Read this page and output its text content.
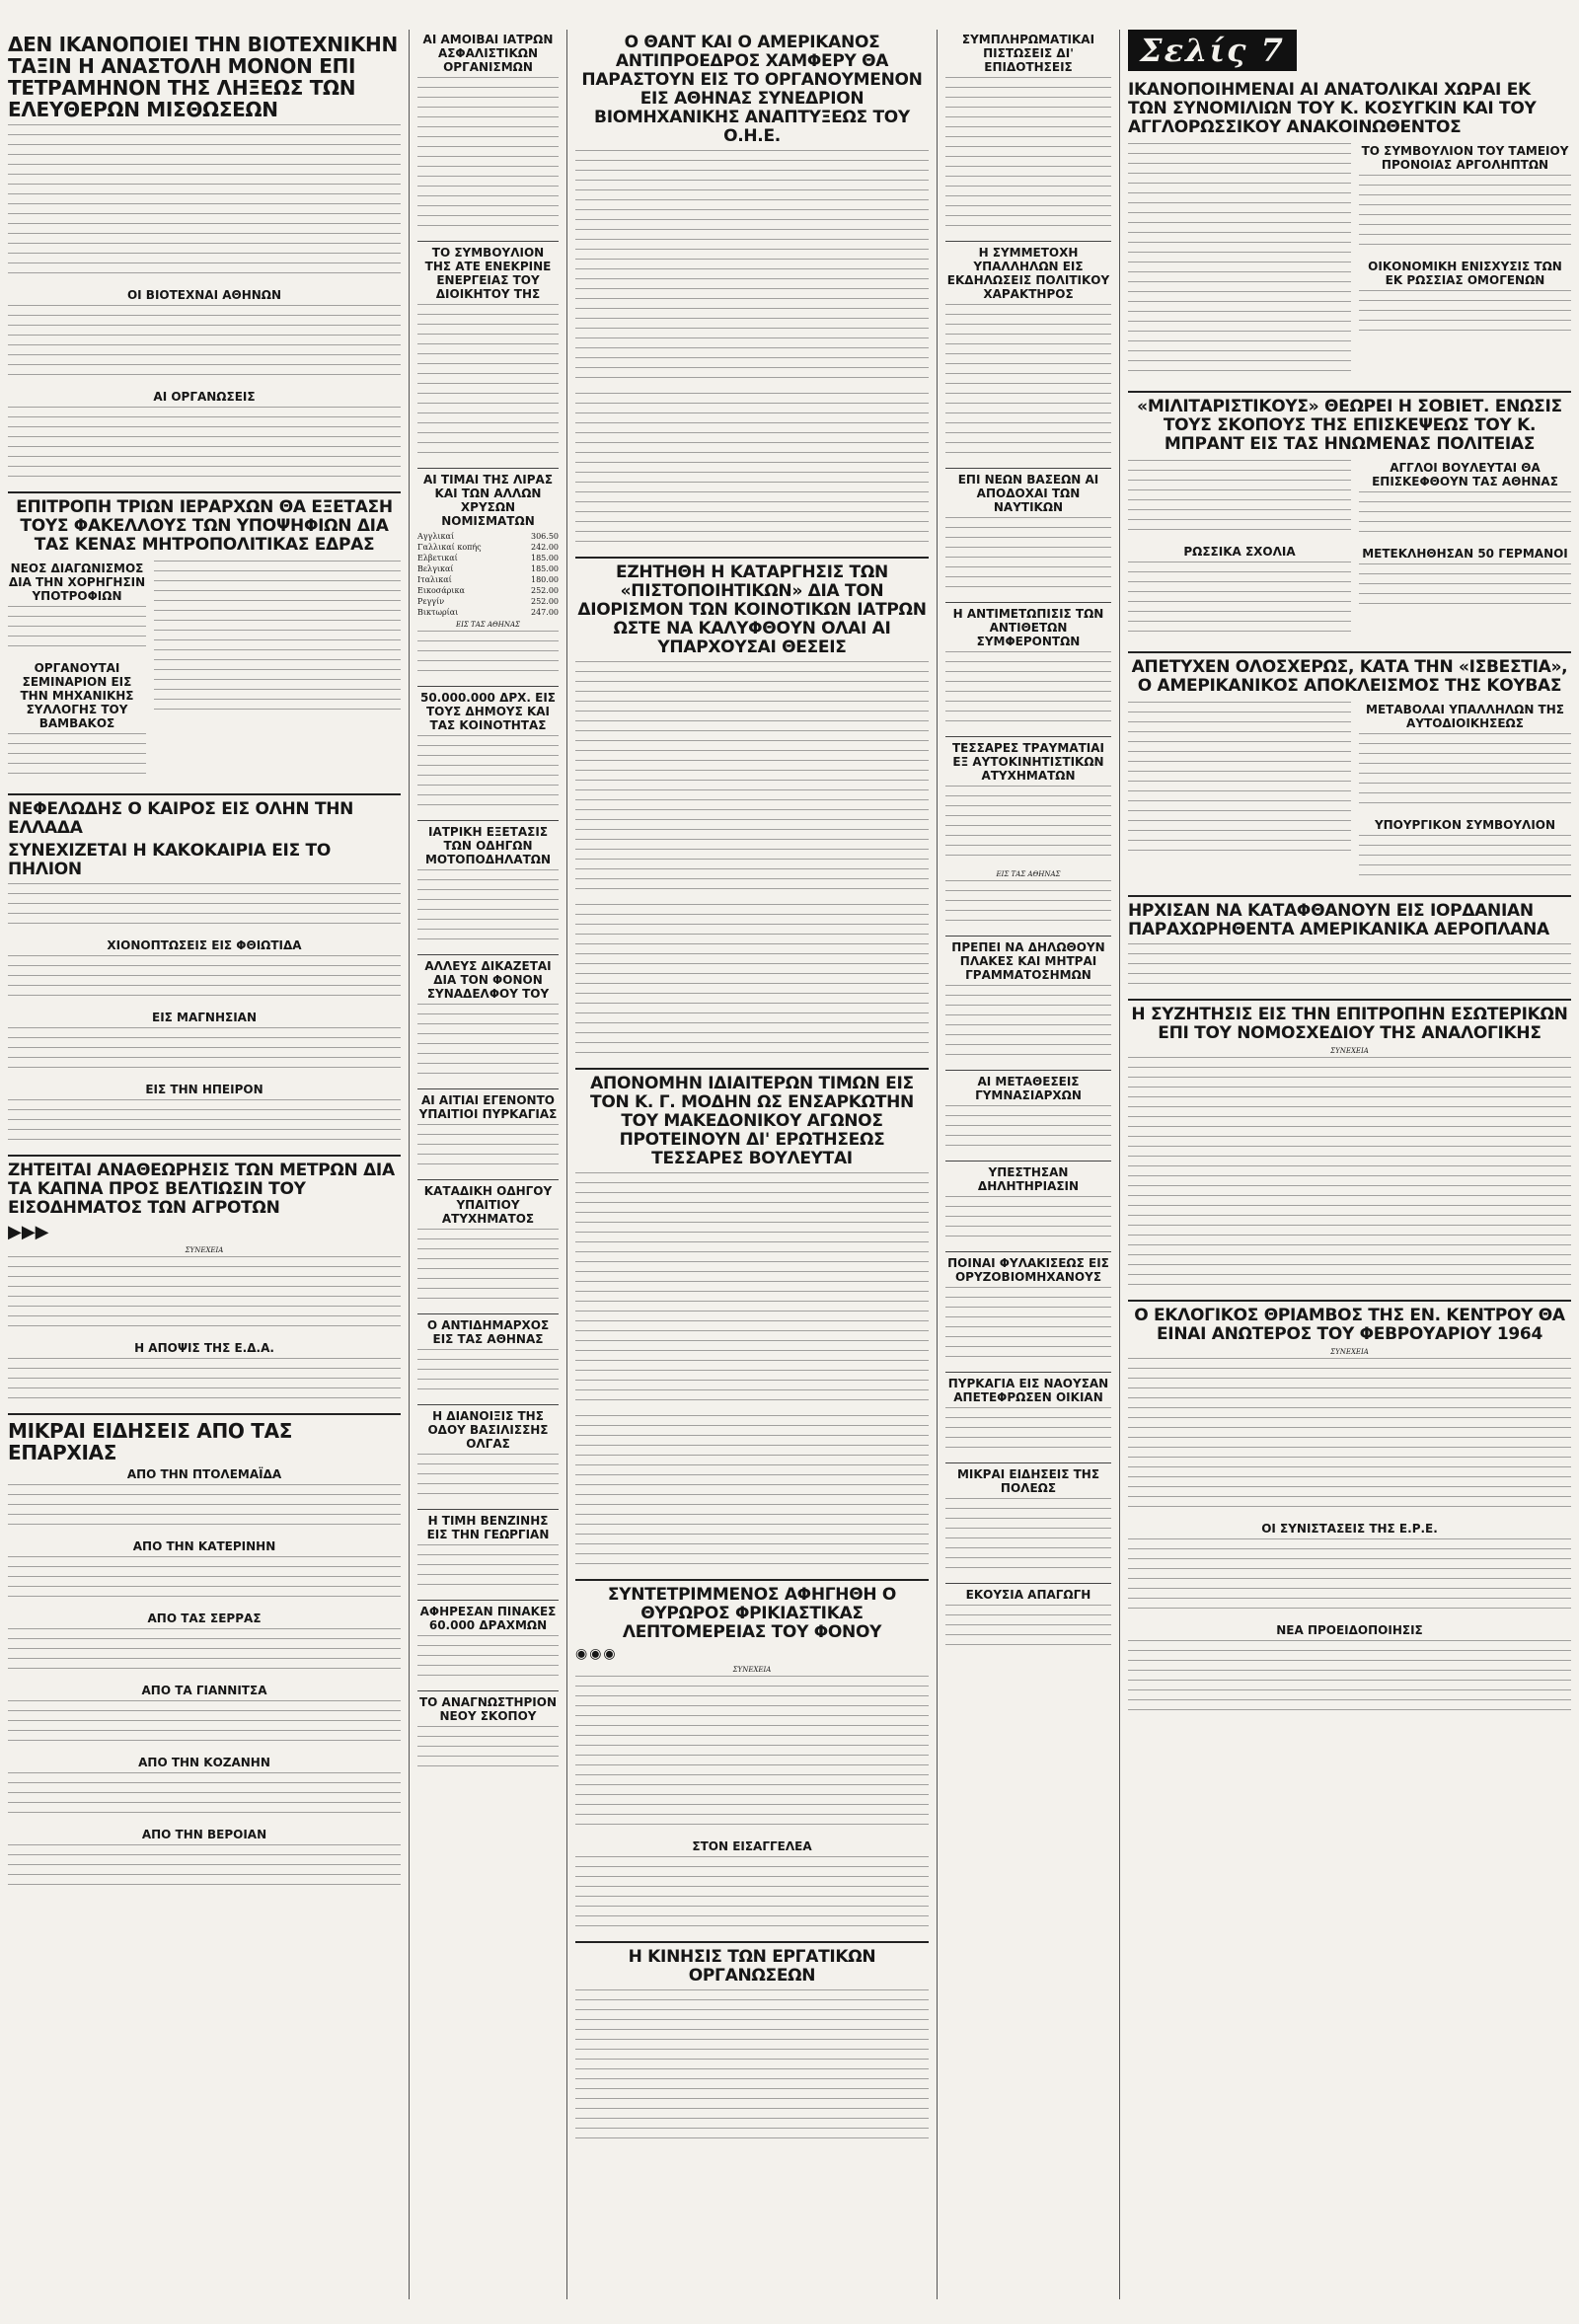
ΔΕΝ ΙΚΑΝΟΠΟΙΕΙ ΤΗΝ ΒΙΟΤΕΧΝΙΚΗΝ ΤΑΞΙΝ Η ΑΝΑΣΤΟΛΗ ΜΟΝΟΝ ΕΠΙ ΤΕΤΡΑΜΗΝΟΝ ΤΗΣ ΛΗΞΕΩΣ ΤΩΝ ΕΛΕΥΘΕΡΩΝ ΜΙΣΘΩΣΕΩΝ
ΟΙ ΒΙΟΤΕΧΝΑΙ ΑΘΗΝΩΝ
ΑΙ ΟΡΓΑΝΩΣΕΙΣ
ΕΠΙΤΡΟΠΗ ΤΡΙΩΝ ΙΕΡΑΡΧΩΝ ΘΑ ΕΞΕΤΑΣΗ ΤΟΥΣ ΦΑΚΕΛΛΟΥΣ ΤΩΝ ΥΠΟΨΗΦΙΩΝ ΔΙΑ ΤΑΣ ΚΕΝΑΣ ΜΗΤΡΟΠΟΛΙΤΙΚΑΣ ΕΔΡΑΣ
ΝΕΟΣ ΔΙΑΓΩΝΙΣΜΟΣ ΔΙΑ ΤΗΝ ΧΟΡΗΓΗΣΙΝ ΥΠΟΤΡΟΦΙΩΝ
ΟΡΓΑΝΟΥΤΑΙ ΣΕΜΙΝΑΡΙΟΝ ΕΙΣ ΤΗΝ ΜΗΧΑΝΙΚΗΣ ΣΥΛΛΟΓΗΣ ΤΟΥ ΒΑΜΒΑΚΟΣ
ΝΕΦΕΛΩΔΗΣ Ο ΚΑΙΡΟΣ ΕΙΣ ΟΛΗΝ ΤΗΝ ΕΛΛΑΔΑ
ΣΥΝΕΧΙΖΕΤΑΙ Η ΚΑΚΟΚΑΙΡΙΑ ΕΙΣ ΤΟ ΠΗΛΙΟΝ
ΧΙΟΝΟΠΤΩΣΕΙΣ ΕΙΣ ΦΘΙΩΤΙΔΑ
ΕΙΣ ΜΑΓΝΗΣΙΑΝ
ΕΙΣ ΤΗΝ ΗΠΕΙΡΟΝ
ΖΗΤΕΙΤΑΙ ΑΝΑΘΕΩΡΗΣΙΣ ΤΩΝ ΜΕΤΡΩΝ ΔΙΑ ΤΑ ΚΑΠΝΑ ΠΡΟΣ ΒΕΛΤΙΩΣΙΝ ΤΟΥ ΕΙΣΟΔΗΜΑΤΟΣ ΤΩΝ ΑΓΡΟΤΩΝ
▶▶▶
ΣΥΝΕΧΕΙΑ
Η ΑΠΟΨΙΣ ΤΗΣ Ε.Δ.Α.
ΜΙΚΡΑΙ ΕΙΔΗΣΕΙΣ ΑΠΟ ΤΑΣ ΕΠΑΡΧΙΑΣ
ΑΠΟ ΤΗΝ ΠΤΟΛΕΜΑΪΔΑ
ΑΠΟ ΤΗΝ ΚΑΤΕΡΙΝΗΝ
ΑΠΟ ΤΑΣ ΣΕΡΡΑΣ
ΑΠΟ ΤΑ ΓΙΑΝΝΙΤΣΑ
ΑΠΟ ΤΗΝ ΚΟΖΑΝΗΝ
ΑΠΟ ΤΗΝ ΒΕΡΟΙΑΝ
ΑΙ ΑΜΟΙΒΑΙ ΙΑΤΡΩΝ ΑΣΦΑΛΙΣΤΙΚΩΝ ΟΡΓΑΝΙΣΜΩΝ
ΤΟ ΣΥΜΒΟΥΛΙΟΝ ΤΗΣ ΑΤΕ ΕΝΕΚΡΙΝΕ ΕΝΕΡΓΕΙΑΣ ΤΟΥ ΔΙΟΙΚΗΤΟΥ ΤΗΣ
ΑΙ ΤΙΜΑΙ ΤΗΣ ΛΙΡΑΣ ΚΑΙ ΤΩΝ ΑΛΛΩΝ ΧΡΥΣΩΝ ΝΟΜΙΣΜΑΤΩΝ
Αγγλικαί	306.50
Γαλλικαί κοπής	242.00
Ελβετικαί	185.00
Βελγικαί	185.00
Ιταλικαί	180.00
Εικοσάρικα	252.00
Ρεγγίν	252.00
Βικτωρίαι	247.00
ΕΙΣ ΤΑΣ ΑΘΗΝΑΣ
50.000.000 ΔΡΧ. ΕΙΣ ΤΟΥΣ ΔΗΜΟΥΣ ΚΑΙ ΤΑΣ ΚΟΙΝΟΤΗΤΑΣ
ΙΑΤΡΙΚΗ ΕΞΕΤΑΣΙΣ ΤΩΝ ΟΔΗΓΩΝ ΜΟΤΟΠΟΔΗΛΑΤΩΝ
ΑΛΛΕΥΣ ΔΙΚΑΖΕΤΑΙ ΔΙΑ ΤΟΝ ΦΟΝΟΝ ΣΥΝΑΔΕΛΦΟΥ ΤΟΥ
ΑΙ ΑΙΤΙΑΙ ΕΓΕΝΟΝΤΟ ΥΠΑΙΤΙΟΙ ΠΥΡΚΑΓΙΑΣ
ΚΑΤΑΔΙΚΗ ΟΔΗΓΟΥ ΥΠΑΙΤΙΟΥ ΑΤΥΧΗΜΑΤΟΣ
Ο ΑΝΤΙΔΗΜΑΡΧΟΣ ΕΙΣ ΤΑΣ ΑΘΗΝΑΣ
Η ΔΙΑΝΟΙΞΙΣ ΤΗΣ ΟΔΟΥ ΒΑΣΙΛΙΣΣΗΣ ΟΛΓΑΣ
Η ΤΙΜΗ ΒΕΝΖΙΝΗΣ ΕΙΣ ΤΗΝ ΓΕΩΡΓΙΑΝ
ΑΦΗΡΕΣΑΝ ΠΙΝΑΚΕΣ 60.000 ΔΡΑΧΜΩΝ
ΤΟ ΑΝΑΓΝΩΣΤΗΡΙΟΝ ΝΕΟΥ ΣΚΟΠΟΥ
Ο ΘΑΝΤ ΚΑΙ Ο ΑΜΕΡΙΚΑΝΟΣ ΑΝΤΙΠΡΟΕΔΡΟΣ ΧΑΜΦΕΡΥ ΘΑ ΠΑΡΑΣΤΟΥΝ ΕΙΣ ΤΟ ΟΡΓΑΝΟΥΜΕΝΟΝ ΕΙΣ ΑΘΗΝΑΣ ΣΥΝΕΔΡΙΟΝ ΒΙΟΜΗΧΑΝΙΚΗΣ ΑΝΑΠΤΥΞΕΩΣ ΤΟΥ Ο.Η.Ε.
ΕΖΗΤΗΘΗ Η ΚΑΤΑΡΓΗΣΙΣ ΤΩΝ «ΠΙΣΤΟΠΟΙΗΤΙΚΩΝ» ΔΙΑ ΤΟΝ ΔΙΟΡΙΣΜΟΝ ΤΩΝ ΚΟΙΝΟΤΙΚΩΝ ΙΑΤΡΩΝ ΩΣΤΕ ΝΑ ΚΑΛΥΦΘΟΥΝ ΟΛΑΙ ΑΙ ΥΠΑΡΧΟΥΣΑΙ ΘΕΣΕΙΣ
ΑΠΟΝΟΜΗΝ ΙΔΙΑΙΤΕΡΩΝ ΤΙΜΩΝ ΕΙΣ ΤΟΝ Κ. Γ. ΜΟΔΗΝ ΩΣ ΕΝΣΑΡΚΩΤΗΝ ΤΟΥ ΜΑΚΕΔΟΝΙΚΟΥ ΑΓΩΝΟΣ ΠΡΟΤΕΙΝΟΥΝ ΔΙ' ΕΡΩΤΗΣΕΩΣ ΤΕΣΣΑΡΕΣ ΒΟΥΛΕΥΤΑΙ
ΣΥΝΤΕΤΡΙΜΜΕΝΟΣ ΑΦΗΓΗΘΗ Ο ΘΥΡΩΡΟΣ ΦΡΙΚΙΑΣΤΙΚΑΣ ΛΕΠΤΟΜΕΡΕΙΑΣ ΤΟΥ ΦΟΝΟΥ
◉◉◉
ΣΥΝΕΧΕΙΑ
ΣΤΟΝ ΕΙΣΑΓΓΕΛΕΑ
Η ΚΙΝΗΣΙΣ ΤΩΝ ΕΡΓΑΤΙΚΩΝ ΟΡΓΑΝΩΣΕΩΝ
ΣΥΜΠΛΗΡΩΜΑΤΙΚΑΙ ΠΙΣΤΩΣΕΙΣ ΔΙ' ΕΠΙΔΟΤΗΣΕΙΣ
Η ΣΥΜΜΕΤΟΧΗ ΥΠΑΛΛΗΛΩΝ ΕΙΣ ΕΚΔΗΛΩΣΕΙΣ ΠΟΛΙΤΙΚΟΥ ΧΑΡΑΚΤΗΡΟΣ
ΕΠΙ ΝΕΩΝ ΒΑΣΕΩΝ ΑΙ ΑΠΟΔΟΧΑΙ ΤΩΝ ΝΑΥΤΙΚΩΝ
Η ΑΝΤΙΜΕΤΩΠΙΣΙΣ ΤΩΝ ΑΝΤΙΘΕΤΩΝ ΣΥΜΦΕΡΟΝΤΩΝ
ΤΕΣΣΑΡΕΣ ΤΡΑΥΜΑΤΙΑΙ ΕΞ ΑΥΤΟΚΙΝΗΤΙΣΤΙΚΩΝ ΑΤΥΧΗΜΑΤΩΝ
ΕΙΣ ΤΑΣ ΑΘΗΝΑΣ
ΠΡΕΠΕΙ ΝΑ ΔΗΛΩΘΟΥΝ ΠΛΑΚΕΣ ΚΑΙ ΜΗΤΡΑΙ ΓΡΑΜΜΑΤΟΣΗΜΩΝ
ΑΙ ΜΕΤΑΘΕΣΕΙΣ ΓΥΜΝΑΣΙΑΡΧΩΝ
ΥΠΕΣΤΗΣΑΝ ΔΗΛΗΤΗΡΙΑΣΙΝ
ΠΟΙΝΑΙ ΦΥΛΑΚΙΣΕΩΣ ΕΙΣ ΟΡΥΖΟΒΙΟΜΗΧΑΝΟΥΣ
ΠΥΡΚΑΓΙΑ ΕΙΣ ΝΑΟΥΣΑΝ ΑΠΕΤΕΦΡΩΣΕΝ ΟΙΚΙΑΝ
ΜΙΚΡΑΙ ΕΙΔΗΣΕΙΣ ΤΗΣ ΠΟΛΕΩΣ
ΕΚΟΥΣΙΑ ΑΠΑΓΩΓΗ
Σελίς 7
ΙΚΑΝΟΠΟΙΗΜΕΝΑΙ ΑΙ ΑΝΑΤΟΛΙΚΑΙ ΧΩΡΑΙ ΕΚ ΤΩΝ ΣΥΝΟΜΙΛΙΩΝ ΤΟΥ Κ. ΚΟΣΥΓΚΙΝ ΚΑΙ ΤΟΥ ΑΓΓΛΟΡΩΣΣΙΚΟΥ ΑΝΑΚΟΙΝΩΘΕΝΤΟΣ
ΤΟ ΣΥΜΒΟΥΛΙΟΝ ΤΟΥ ΤΑΜΕΙΟΥ ΠΡΟΝΟΙΑΣ ΑΡΓΟΛΗΠΤΩΝ
ΟΙΚΟΝΟΜΙΚΗ ΕΝΙΣΧΥΣΙΣ ΤΩΝ ΕΚ ΡΩΣΣΙΑΣ ΟΜΟΓΕΝΩΝ
«ΜΙΛΙΤΑΡΙΣΤΙΚΟΥΣ» ΘΕΩΡΕΙ Η ΣΟΒΙΕΤ. ΕΝΩΣΙΣ ΤΟΥΣ ΣΚΟΠΟΥΣ ΤΗΣ ΕΠΙΣΚΕΨΕΩΣ ΤΟΥ Κ. ΜΠΡΑΝΤ ΕΙΣ ΤΑΣ ΗΝΩΜΕΝΑΣ ΠΟΛΙΤΕΙΑΣ
ΡΩΣΣΙΚΑ ΣΧΟΛΙΑ
ΑΓΓΛΟΙ ΒΟΥΛΕΥΤΑΙ ΘΑ ΕΠΙΣΚΕΦΘΟΥΝ ΤΑΣ ΑΘΗΝΑΣ
ΜΕΤΕΚΛΗΘΗΣΑΝ 50 ΓΕΡΜΑΝΟΙ
ΑΠΕΤΥΧΕΝ ΟΛΟΣΧΕΡΩΣ, ΚΑΤΑ ΤΗΝ «ΙΣΒΕΣΤΙΑ», Ο ΑΜΕΡΙΚΑΝΙΚΟΣ ΑΠΟΚΛΕΙΣΜΟΣ ΤΗΣ ΚΟΥΒΑΣ
ΜΕΤΑΒΟΛΑΙ ΥΠΑΛΛΗΛΩΝ ΤΗΣ ΑΥΤΟΔΙΟΙΚΗΣΕΩΣ
ΥΠΟΥΡΓΙΚΟΝ ΣΥΜΒΟΥΛΙΟΝ
ΗΡΧΙΣΑΝ ΝΑ ΚΑΤΑΦΘΑΝΟΥΝ ΕΙΣ ΙΟΡΔΑΝΙΑΝ ΠΑΡΑΧΩΡΗΘΕΝΤΑ ΑΜΕΡΙΚΑΝΙΚΑ ΑΕΡΟΠΛΑΝΑ
Η ΣΥΖΗΤΗΣΙΣ ΕΙΣ ΤΗΝ ΕΠΙΤΡΟΠΗΝ ΕΣΩΤΕΡΙΚΩΝ ΕΠΙ ΤΟΥ ΝΟΜΟΣΧΕΔΙΟΥ ΤΗΣ ΑΝΑΛΟΓΙΚΗΣ
ΣΥΝΕΧΕΙΑ
Ο ΕΚΛΟΓΙΚΟΣ ΘΡΙΑΜΒΟΣ ΤΗΣ ΕΝ. ΚΕΝΤΡΟΥ ΘΑ ΕΙΝΑΙ ΑΝΩΤΕΡΟΣ ΤΟΥ ΦΕΒΡΟΥΑΡΙΟΥ 1964
ΣΥΝΕΧΕΙΑ
ΟΙ ΣΥΝΙΣΤΑΣΕΙΣ ΤΗΣ Ε.Ρ.Ε.
ΝΕΑ ΠΡΟΕΙΔΟΠΟΙΗΣΙΣ
